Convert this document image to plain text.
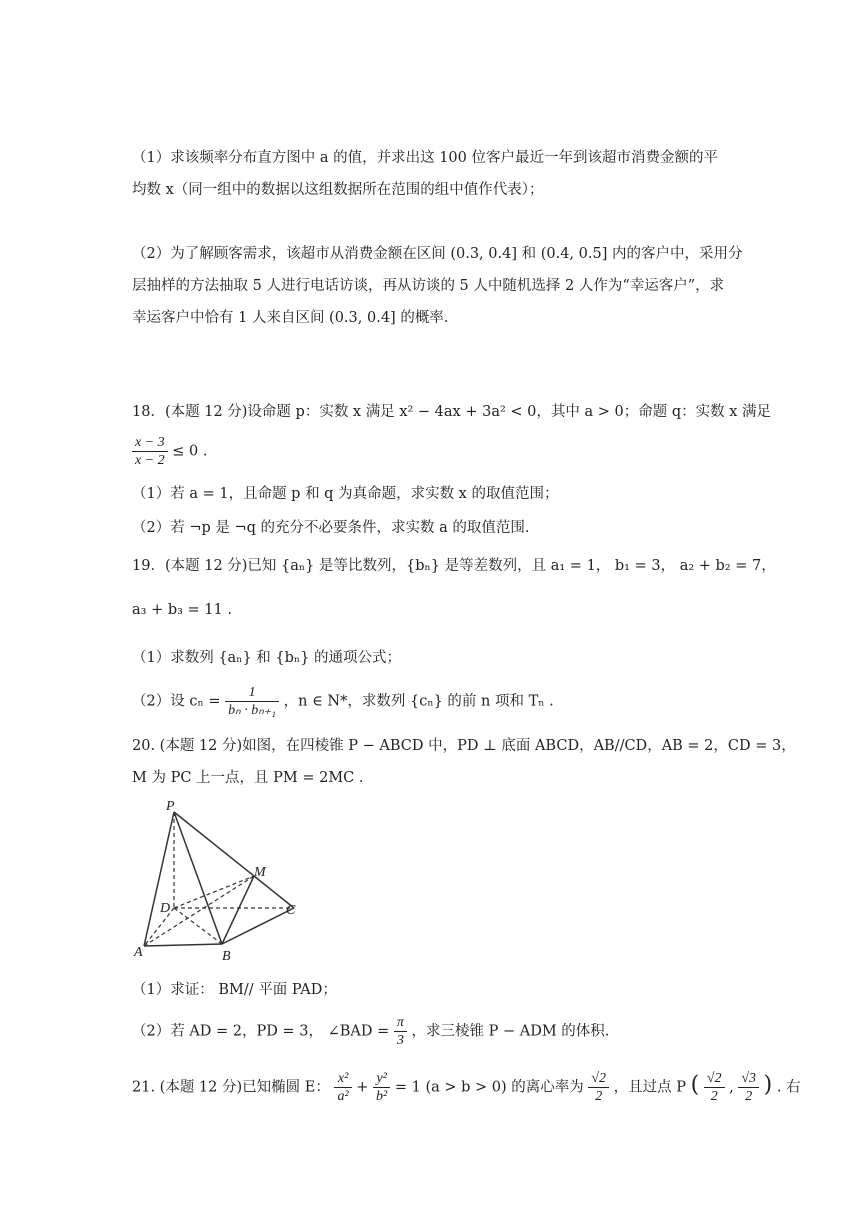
（1）求该频率分布直方图中 a 的值，并求出这 100 位客户最近一年到该超市消费金额的平
均数 x（同一组中的数据以这组数据所在范围的组中值作代表）；
（2）为了解顾客需求，该超市从消费金额在区间 (0.3, 0.4] 和 (0.4, 0.5] 内的客户中，采用分
层抽样的方法抽取 5 人进行电话访谈，再从访谈的 5 人中随机选择 2 人作为“幸运客户”，求
幸运客户中恰有 1 人来自区间 (0.3, 0.4] 的概率.
18．(本题 12 分)设命题 p：实数 x 满足 x² − 4ax + 3a² < 0，其中 a > 0；命题 q：实数 x 满足
$\frac{x - 3}{x - 2} \le 0$ .
（1）若 a = 1，且命题 p 和 q 为真命题，求实数 x 的取值范围；
（2）若 ¬p 是 ¬q 的充分不必要条件，求实数 a 的取值范围.
19．(本题 12 分)已知 {aₙ} 是等比数列，{bₙ} 是等差数列，且 a₁ = 1， b₁ = 3， a₂ + b₂ = 7，
a₃ + b₃ = 11 .
（1）求数列 {aₙ} 和 {bₙ} 的通项公式；
（2）设 $c_n = \frac{1}{\text{bₙ · bₙ₊₁}}$ ，n ∈ N*，求数列 {cₙ} 的前 n 项和 Tₙ .
20. (本题 12 分)如图，在四棱锥 P − ABCD 中，PD ⊥ 底面 ABCD，AB//CD，AB = 2，CD = 3，
M 为 PC 上一点，且 PM = 2MC .
P
M
D	C
A	B
（1）求证： BM// 平面 PAD；
（2）若 AD = 2，PD = 3， ∠BAD = $\frac{\pi}{3}$ ，求三棱锥 P − ADM 的体积.
21. (本题 12 分)已知椭圆 E： $\frac{\text{x²}}{\text{a²}} + \frac{\text{y²}}{\text{b²}} = 1$ (a > b > 0) 的离心率为 $\frac{√2}{2}$ ，且过点 P ( $\frac{√2}{2}$ , $\frac{√3}{2}$ ) . 右
